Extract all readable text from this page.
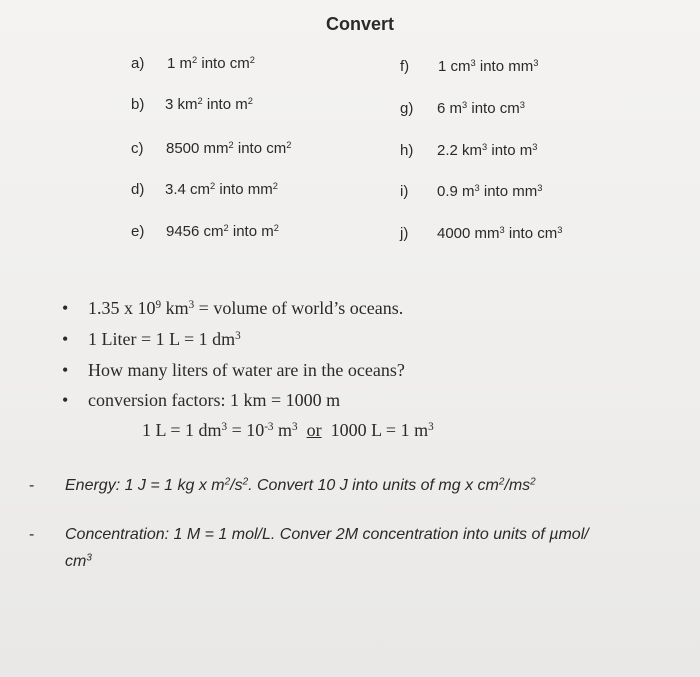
Convert
a) 1 $m^2$ into $cm^2$
b) 3 $km^2$ into $m^2$
c) 8500 $mm^2$ into $cm^2$
d) 3.4 $cm^2$ into $mm^2$
e) 9456 $cm^2$ into $m^2$
f) 1 $cm^3$ into $mm^3$
g) 6 $m^3$ into $cm^3$
h) 2.2 $km^3$ into $m^3$
i) 0.9 $m^3$ into $mm^3$
j) 4000 $mm^3$ into $cm^3$
• 1.35 x $10^9$ $km^3$ = volume of world’s oceans.
• 1 Liter = 1 L = 1 $dm^3$
• How many liters of water are in the oceans?
• conversion factors: 1 km = 1000 m
1 L = 1 $dm^3 = 10^{-3}$ $m^3$ or  1000 L = 1 $m^3$
- Energy: 1 J = 1 kg x $m^2/s^2$. Convert 10 J into units of mg x $cm^2/ms^2$
- Concentration: 1 M = 1 mol/L. Conver 2M concentration into units of µmol/
$cm^3$
